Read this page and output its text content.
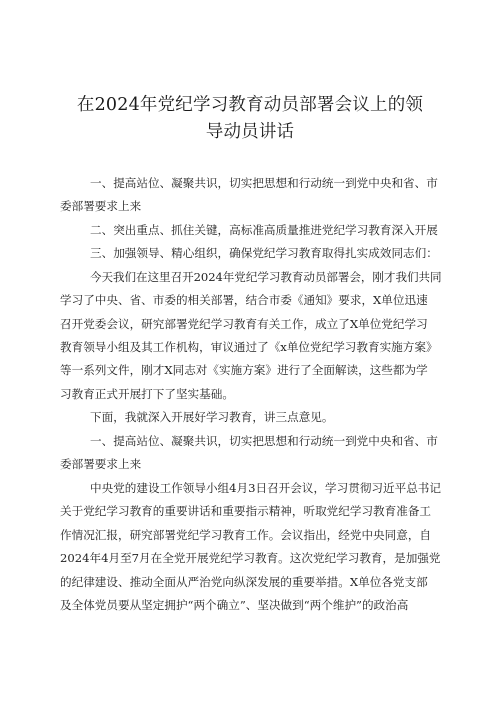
在2024年党纪学习教育动员部署会议上的领
导动员讲话
一、提高站位、凝聚共识，切实把思想和行动统一到党中央和省、市
委部署要求上来
二、突出重点、抓住关键，高标准高质量推进党纪学习教育深入开展
三、加强领导、精心组织，确保党纪学习教育取得扎实成效同志们：
今天我们在这里召开2024年党纪学习教育动员部署会，刚才我们共同
学习了中央、省、市委的相关部署，结合市委《通知》要求，X单位迅速
召开党委会议，研究部署党纪学习教育有关工作，成立了X单位党纪学习
教育领导小组及其工作机构，审议通过了《x单位党纪学习教育实施方案》
等一系列文件，刚才X同志对《实施方案》进行了全面解读，这些都为学
习教育正式开展打下了坚实基础。
下面，我就深入开展好学习教育，讲三点意见。
一、提高站位、凝聚共识，切实把思想和行动统一到党中央和省、市
委部署要求上来
中央党的建设工作领导小组4月3日召开会议，学习贯彻习近平总书记
关于党纪学习教育的重要讲话和重要指示精神，听取党纪学习教育准备工
作情况汇报，研究部署党纪学习教育工作。会议指出，经党中央同意，自
2024年4月至7月在全党开展党纪学习教育。这次党纪学习教育，是加强党
的纪律建设、推动全面从严治党向纵深发展的重要举措。X单位各党支部
及全体党员要从坚定拥护“两个确立”、坚决做到“两个维护”的政治高
